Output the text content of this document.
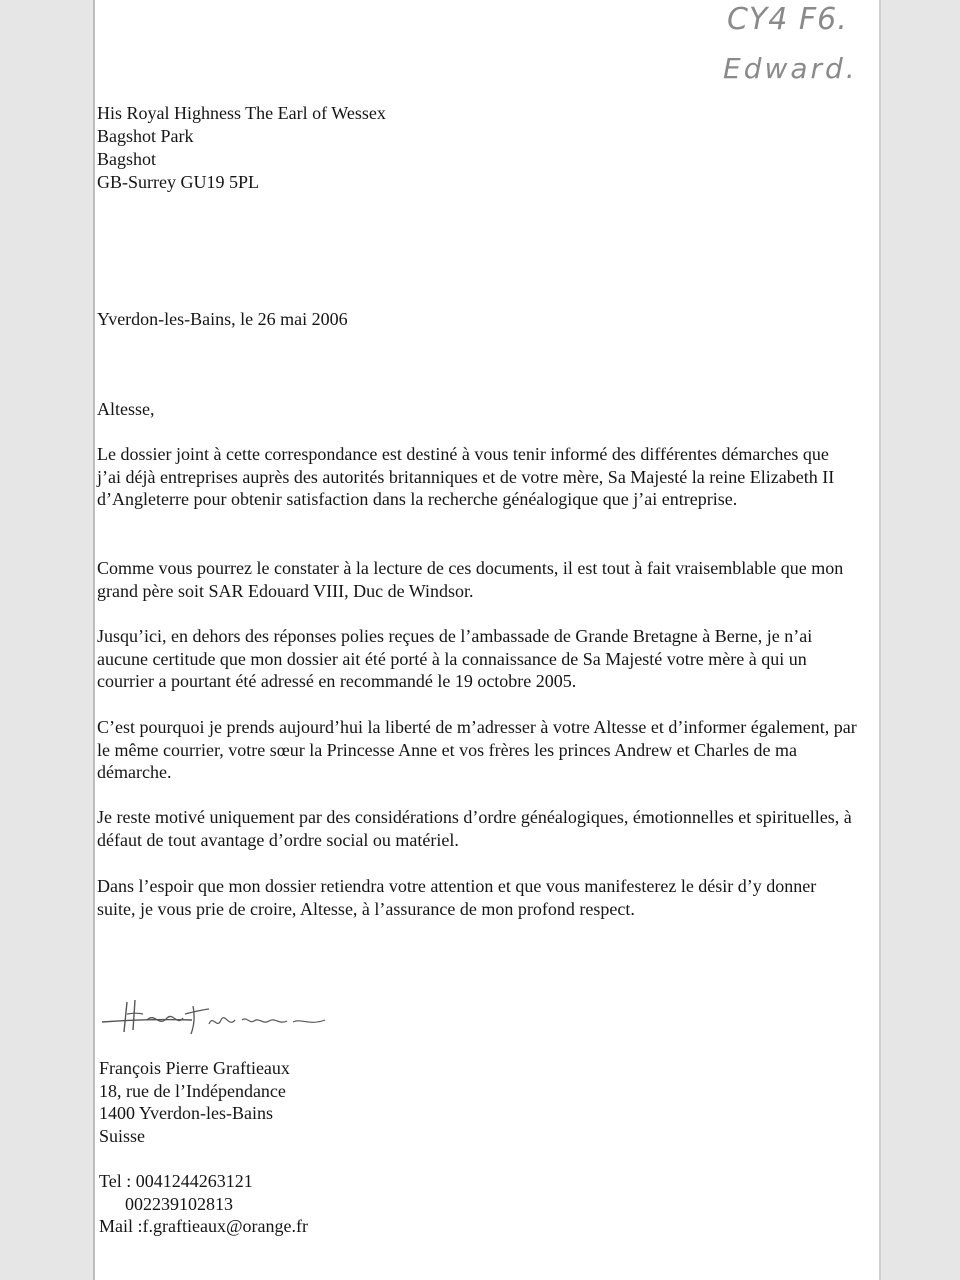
CY4 F6.
Edward.
His Royal Highness The Earl of Wessex
Bagshot Park
Bagshot
GB-Surrey GU19 5PL
Yverdon-les-Bains, le 26 mai 2006
Altesse,
Le dossier joint à cette correspondance est destiné à vous tenir informé des différentes démarches que j’ai déjà entreprises auprès des autorités britanniques et de votre mère, Sa Majesté la reine Elizabeth II d’Angleterre pour obtenir satisfaction dans la recherche généalogique que j’ai entreprise.
Comme vous pourrez le constater à la lecture de ces documents, il est tout à fait vraisemblable que mon grand père soit SAR Edouard VIII, Duc de Windsor.
Jusqu’ici, en dehors des réponses polies reçues de l’ambassade de Grande Bretagne à Berne, je n’ai aucune certitude que mon dossier ait été porté à la connaissance de Sa Majesté votre mère à qui un courrier a pourtant été adressé en recommandé le 19 octobre 2005.
C’est pourquoi je prends aujourd’hui la liberté de m’adresser à votre Altesse et d’informer également, par le même courrier, votre sœur la Princesse Anne et vos frères les princes Andrew et Charles de ma démarche.
Je reste motivé uniquement par des considérations d’ordre généalogiques, émotionnelles et spirituelles, à défaut de tout avantage d’ordre social ou matériel.
Dans l’espoir que mon dossier retiendra votre attention et que vous manifesterez le désir d’y donner suite, je vous prie de croire, Altesse, à l’assurance de mon profond respect.
François Pierre Graftieaux
18, rue de l’Indépendance
1400 Yverdon-les-Bains
Suisse
Tel : 0041244263121
002239102813
Mail :f.graftieaux@orange.fr
